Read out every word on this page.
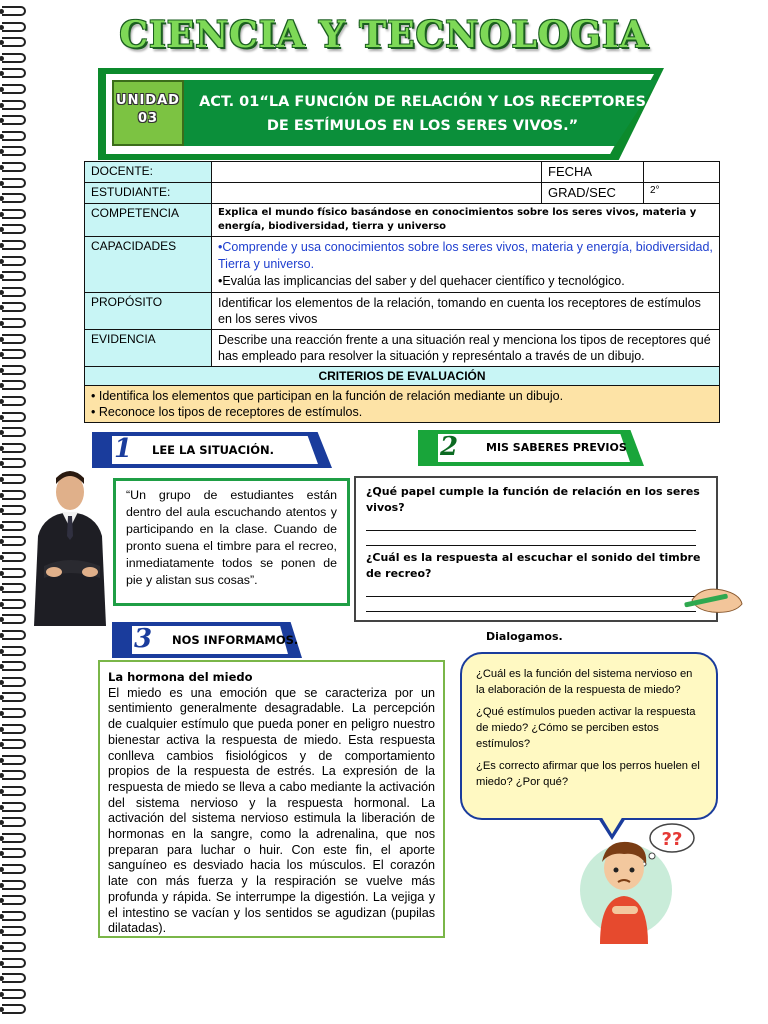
CIENCIA Y TECNOLOGIA
UNIDAD
03
ACT. 01“LA FUNCIÓN DE RELACIÓN Y LOS RECEPTORES
DE ESTÍMULOS EN LOS SERES VIVOS.”
DOCENTE:		FECHA	
ESTUDIANTE:		GRAD/SEC	2°
COMPETENCIA	Explica el mundo físico basándose en conocimientos sobre los seres vivos, materia y energía, biodiversidad, tierra y universo		
CAPACIDADES	•Comprende y usa conocimientos sobre los seres vivos, materia y energía, biodiversidad, Tierra y universo.
•Evalúa las implicancias del saber y del quehacer científico y tecnológico.		

PROPÓSITO	Identificar los elementos de la relación, tomando en cuenta los receptores de estímulos en los seres vivos		
EVIDENCIA	Describe una reacción frente a una situación real y menciona los tipos de receptores qué has empleado para resolver la situación y represéntalo a través de un dibujo.		
CRITERIOS DE EVALUACIÓN			

• Identifica los elementos que participan en la función de relación mediante un dibujo.
• Reconoce los tipos de receptores de estímulos.			
1 LEE LA SITUACIÓN.
“Un grupo de estudiantes están dentro del aula escuchando atentos y participando en la clase. Cuando de pronto suena el timbre para el recreo, inmediatamente todos se ponen de pie y alistan sus cosas”.
2	MIS SABERES PREVIOS
¿Qué papel cumple la función de relación en los seres vivos?
¿Cuál es la respuesta al escuchar el sonido del timbre de recreo?
3 NOS INFORMAMOS.	Dialogamos.
La hormona del miedo
El miedo es una emoción que se caracteriza por un sentimiento generalmente desagradable. La percepción de cualquier estímulo que pueda poner en peligro nuestro bienestar activa la respuesta de miedo. Esta respuesta conlleva cambios fisiológicos y de comportamiento propios de la respuesta de estrés. La expresión de la respuesta de miedo se lleva a cabo mediante la activación del sistema nervioso y la respuesta hormonal. La activación del sistema nervioso estimula la liberación de hormonas en la sangre, como la adrenalina, que nos preparan para luchar o huir. Con este fin, el aporte sanguíneo es desviado hacia los músculos. El corazón late con más fuerza y la respiración se vuelve más profunda y rápida. Se interrumpe la digestión. La vejiga y el intestino se vacían y los sentidos se agudizan (pupilas dilatadas).

¿Cuál es la función del sistema nervioso en la elaboración de la respuesta de miedo?

¿Qué estímulos pueden activar la respuesta de miedo? ¿Cómo se perciben estos estímulos?

¿Es correcto afirmar que los perros huelen el miedo? ¿Por qué?

??
